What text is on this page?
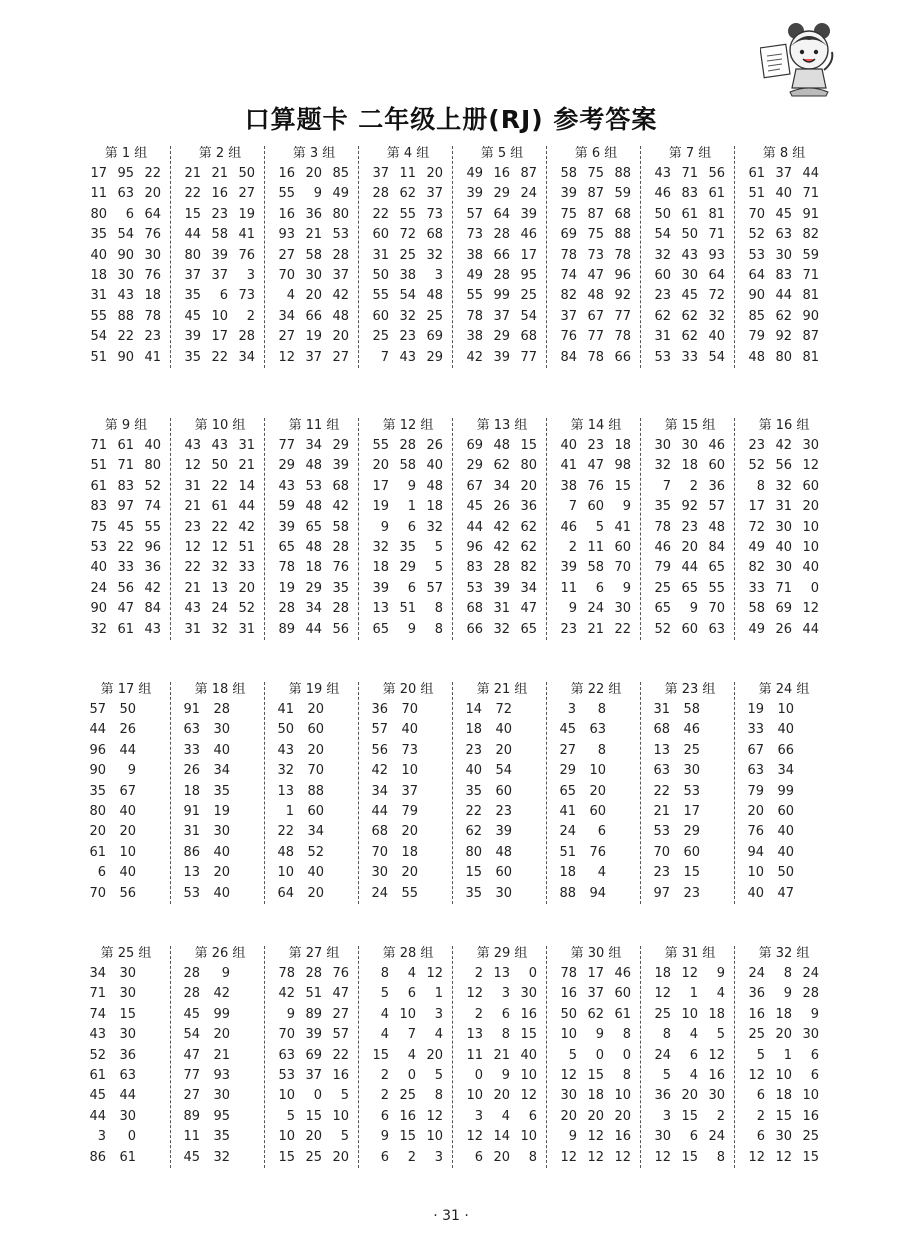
口算题卡 二年级上册(RJ) 参考答案
第 1 组
17 95 22
11 63 20
80 6 64
35 54 76
40 90 30
18 30 76
31 43 18
55 88 78
54 22 23
51 90 41
第 2 组
21 21 50
22 16 27
15 23 19
44 58 41
80 39 76
37 37 3
35 6 73
45 10 2
39 17 28
35 22 34
第 3 组
16 20 85
55 9 49
16 36 80
93 21 53
27 58 28
70 30 37
4 20 42
34 66 48
27 19 20
12 37 27
第 4 组
37 11 20
28 62 37
22 55 73
60 72 68
31 25 32
50 38 3
55 54 48
60 32 25
25 23 69
7 43 29
第 5 组
49 16 87
39 29 24
57 64 39
73 28 46
38 66 17
49 28 95
55 99 25
78 37 54
38 29 68
42 39 77
第 6 组
58 75 88
39 87 59
75 87 68
69 75 88
78 73 78
74 47 96
82 48 92
37 67 77
76 77 78
84 78 66
第 7 组
43 71 56
46 83 61
50 61 81
54 50 71
32 43 93
60 30 64
23 45 72
62 62 32
31 62 40
53 33 54
第 8 组
61 37 44
51 40 71
70 45 91
52 63 82
53 30 59
64 83 71
90 44 81
85 62 90
79 92 87
48 80 81
第 9 组
71 61 40
51 71 80
61 83 52
83 97 74
75 45 55
53 22 96
40 33 36
24 56 42
90 47 84
32 61 43
第 10 组
43 43 31
12 50 21
31 22 14
21 61 44
23 22 42
12 12 51
22 32 33
21 13 20
43 24 52
31 32 31
第 11 组
77 34 29
29 48 39
43 53 68
59 48 42
39 65 58
65 48 28
78 18 76
19 29 35
28 34 28
89 44 56
第 12 组
55 28 26
20 58 40
17 9 48
19 1 18
9 6 32
32 35 5
18 29 5
39 6 57
13 51 8
65 9 8
第 13 组
69 48 15
29 62 80
67 34 20
45 26 36
44 42 62
96 42 62
83 28 82
53 39 34
68 31 47
66 32 65
第 14 组
40 23 18
41 47 98
38 76 15
7 60 9
46 5 41
2 11 60
39 58 70
11 6 9
9 24 30
23 21 22
第 15 组
30 30 46
32 18 60
7 2 36
35 92 57
78 23 48
46 20 84
79 44 65
25 65 55
65 9 70
52 60 63
第 16 组
23 42 30
52 56 12
8 32 60
17 31 20
72 30 10
49 40 10
82 30 40
33 71 0
58 69 12
49 26 44
第 17 组
57 50
44 26
96 44
90 9
35 67
80 40
20 20
61 10
6 40
70 56
第 18 组
91 28
63 30
33 40
26 34
18 35
91 19
31 30
86 40
13 20
53 40
第 19 组
41 20
50 60
43 20
32 70
13 88
1 60
22 34
48 52
10 40
64 20
第 20 组
36 70
57 40
56 73
42 10
34 37
44 79
68 20
70 18
30 20
24 55
第 21 组
14 72
18 40
23 20
40 54
35 60
22 23
62 39
80 48
15 60
35 30
第 22 组
3 8
45 63
27 8
29 10
65 20
41 60
24 6
51 76
18 4
88 94
第 23 组
31 58
68 46
13 25
63 30
22 53
21 17
53 29
70 60
23 15
97 23
第 24 组
19 10
33 40
67 66
63 34
79 99
20 60
76 40
94 40
10 50
40 47
第 25 组
34 30
71 30
74 15
43 30
52 36
61 63
45 44
44 30
3 0
86 61
第 26 组
28 9
28 42
45 99
54 20
47 21
77 93
27 30
89 95
11 35
45 32
第 27 组
78 28 76
42 51 47
9 89 27
70 39 57
63 69 22
53 37 16
10 0 5
5 15 10
10 20 5
15 25 20
第 28 组
8 4 12
5 6 1
4 10 3
4 7 4
15 4 20
2 0 5
2 25 8
6 16 12
9 15 10
6 2 3
第 29 组
2 13 0
12 3 30
2 6 16
13 8 15
11 21 40
0 9 10
10 20 12
3 4 6
12 14 10
6 20 8
第 30 组
78 17 46
16 37 60
50 62 61
10 9 8
5 0 0
12 15 8
30 18 10
20 20 20
9 12 16
12 12 12
第 31 组
18 12 9
12 1 4
25 10 18
8 4 5
24 6 12
5 4 16
36 20 30
3 15 2
30 6 24
12 15 8
第 32 组
24 8 24
36 9 28
16 18 9
25 20 30
5 1 6
12 10 6
6 18 10
2 15 16
6 30 25
12 12 15
· 31 ·
